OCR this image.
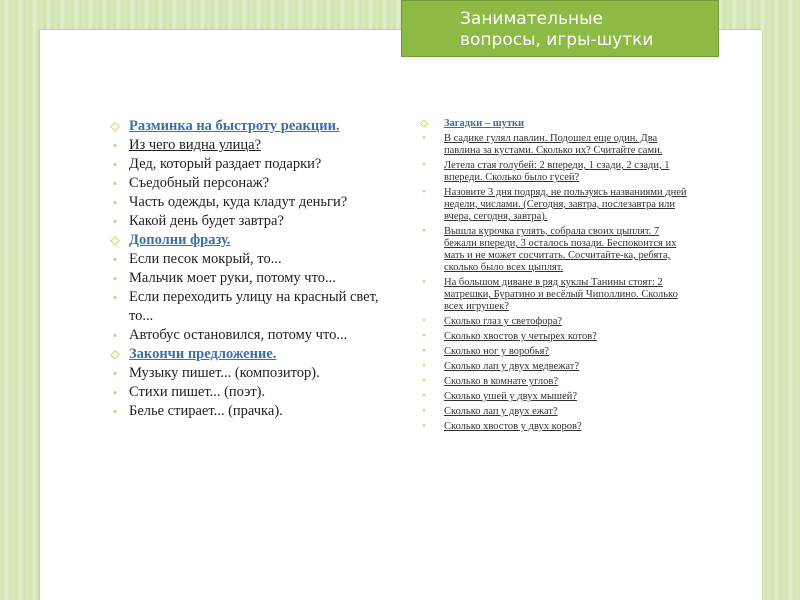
Занимательные
вопросы, игры-шутки
◇ Разминка на быстроту реакции.
• Из чего видна улица?
• Дед, который раздает подарки?
• Съедобный персонаж?
• Часть одежды, куда кладут деньги?
• Какой день будет завтра?
◇ Дополни фразу.
• Если песок мокрый, то...
• Мальчик моет руки, потому что...
• Если переходить улицу на красный свет, то...
• Автобус остановился, потому что...
◇ Закончи предложение.
• Музыку пишет... (композитор).
• Стихи пишет... (поэт).
• Белье стирает... (прачка).
◇ Загадки – шутки
•	В садике гулял павлин. Подошел еще один. Два павлина за кустами. Сколько их? Считайте сами.
•	Летела стая голубей: 2 впереди, 1 сзади, 2 сзади, 1 впереди. Сколько было гусей?
•	Назовите 3 дня подряд, не пользуясь названиями дней недели, числами. (Сегодня, завтра, послезавтра или вчера, сегодня, завтра).
•	Вышла курочка гулять, собрала своих цыплят. 7 бежали впереди, 3 осталось позади. Беспокоится их мать и не может сосчитать. Сосчитайте-ка, ребята, сколько было всех цыплят.
•	На большом диване в ряд куклы Танины стоят: 2 матрешки, Буратино и весёлый Чиполлино. Сколько всех игрушек?
•	Сколько глаз у светофора?
•	Сколько хвостов у четырех котов?
•	Сколько ног у воробья?
•	Сколько лап у двух медвежат?
•	Сколько в комнате углов?
•	Сколько ушей у двух мышей?
•	Сколько лап у двух ежат?
•	Сколько хвостов у двух коров?
